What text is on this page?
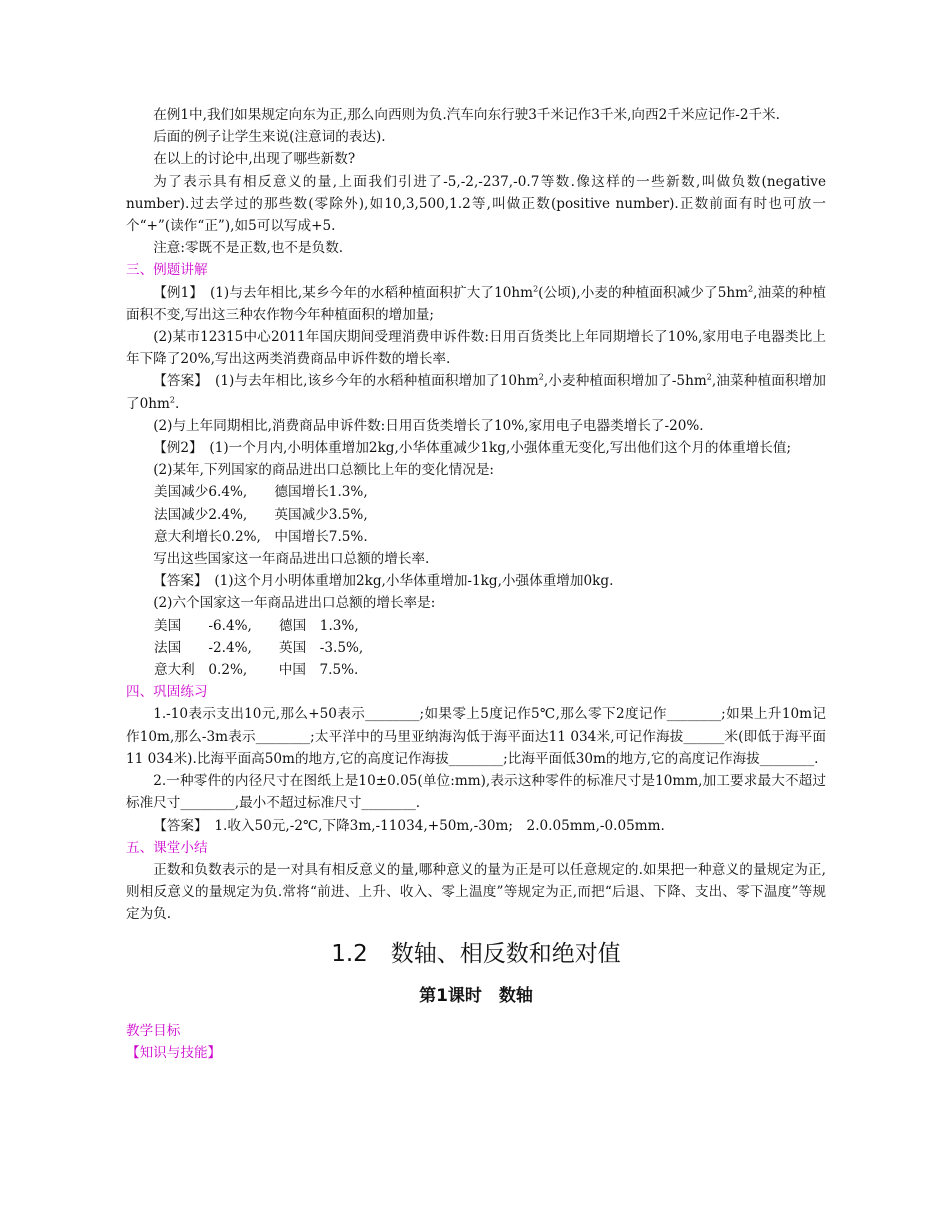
在例1中,我们如果规定向东为正,那么向西则为负.汽车向东行驶3千米记作3千米,向西2千米应记作-2千米.

后面的例子让学生来说(注意词的表达).

在以上的讨论中,出现了哪些新数?

为了表示具有相反意义的量,上面我们引进了-5,-2,-237,-0.7等数.像这样的一些新数,叫做负数(negative number).过去学过的那些数(零除外),如10,3,500,1.2等,叫做正数(positive number).正数前面有时也可放一个“+”(读作“正”),如5可以写成+5.

注意:零既不是正数,也不是负数.

三、例题讲解

【例1】　(1)与去年相比,某乡今年的水稻种植面积扩大了$10hm^2$(公顷),小麦的种植面积减少了$5hm^2$,油菜的种植面积不变,写出这三种农作物今年种植面积的增加量;

(2)某市12315中心2011年国庆期间受理消费申诉件数:日用百货类比上年同期增长了10%,家用电子电器类比上年下降了20%,写出这两类消费商品申诉件数的增长率.

【答案】　(1)与去年相比,该乡今年的水稻种植面积增加了$10hm^2$,小麦种植面积增加了$-5hm^2$,油菜种植面积增加了$0hm^2$.

(2)与上年同期相比,消费商品申诉件数:日用百货类增长了10%,家用电子电器类增长了-20%.

【例2】　(1)一个月内,小明体重增加2kg,小华体重减少1kg,小强体重无变化,写出他们这个月的体重增长值;

(2)某年,下列国家的商品进出口总额比上年的变化情况是:

美国减少6.4%,　　德国增长1.3%,

法国减少2.4%,　　英国减少3.5%,

意大利增长0.2%,　中国增长7.5%.

写出这些国家这一年商品进出口总额的增长率.

【答案】　(1)这个月小明体重增加2kg,小华体重增加-1kg,小强体重增加0kg.

(2)六个国家这一年商品进出口总额的增长率是:

美国　　-6.4%,　　德国　1.3%,

法国　　-2.4%,　　英国　-3.5%,

意大利　0.2%,　　 中国　7.5%.

四、巩固练习

1.-10表示支出10元,那么+50表示________;如果零上5度记作5℃,那么零下2度记作________;如果上升10m记作10m,那么-3m表示________;太平洋中的马里亚纳海沟低于海平面达11 034米,可记作海拔______米(即低于海平面11 034米).比海平面高50m的地方,它的高度记作海拔________;比海平面低30m的地方,它的高度记作海拔________.

2.一种零件的内径尺寸在图纸上是10±0.05(单位:mm),表示这种零件的标准尺寸是10mm,加工要求最大不超过标准尺寸________,最小不超过标准尺寸________.

【答案】　1.收入50元,-2℃,下降3m,-11034,+50m,-30m;　2.0.05mm,-0.05mm.

五、课堂小结

正数和负数表示的是一对具有相反意义的量,哪种意义的量为正是可以任意规定的.如果把一种意义的量规定为正,则相反意义的量规定为负.常将“前进、上升、收入、零上温度”等规定为正,而把“后退、下降、支出、零下温度”等规定为负.

1.2　数轴、相反数和绝对值
第1课时　数轴

教学目标

【知识与技能】
